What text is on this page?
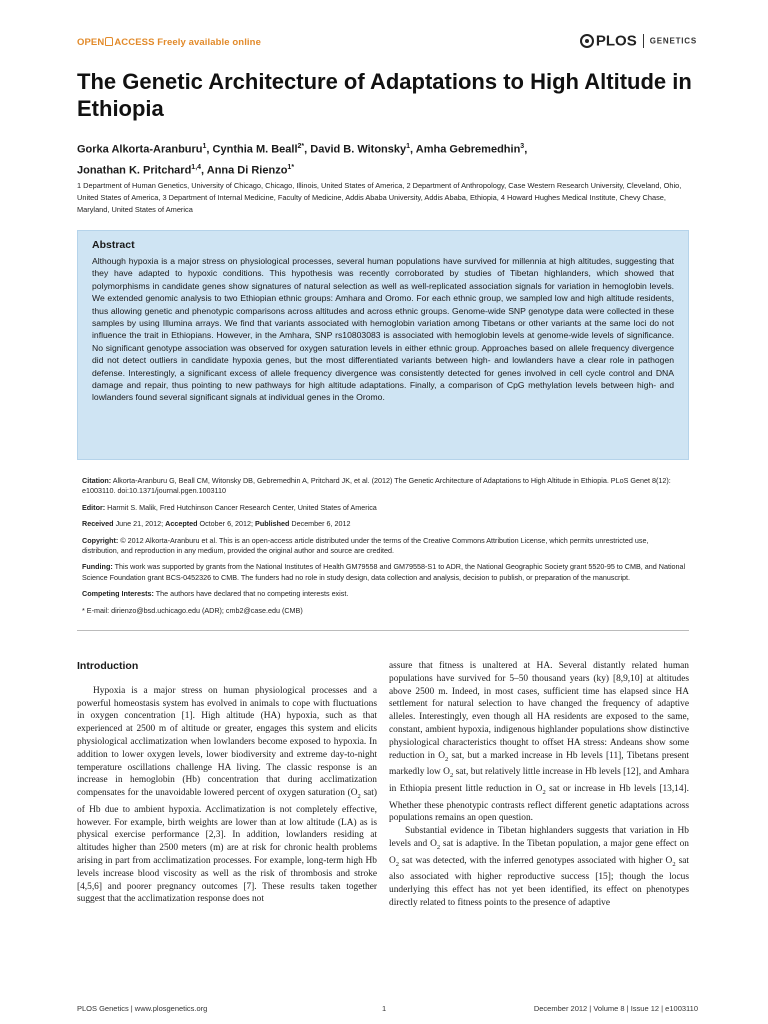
OPEN ACCESS Freely available online	PLOS GENETICS
The Genetic Architecture of Adaptations to High Altitude in Ethiopia
Gorka Alkorta-Aranburu$^1$, Cynthia M. Beall$^{2*}$, David B. Witonsky$^1$, Amha Gebremedhin$^3$,
Jonathan K. Pritchard$^{1,4}$, Anna Di Rienzo$^{1*}$
1 Department of Human Genetics, University of Chicago, Chicago, Illinois, United States of America, 2 Department of Anthropology, Case Western Research University, Cleveland, Ohio, United States of America, 3 Department of Internal Medicine, Faculty of Medicine, Addis Ababa University, Addis Ababa, Ethiopia, 4 Howard Hughes Medical Institute, Chevy Chase, Maryland, United States of America
Abstract

Although hypoxia is a major stress on physiological processes, several human populations have survived for millennia at high altitudes, suggesting that they have adapted to hypoxic conditions. This hypothesis was recently corroborated by studies of Tibetan highlanders, which showed that polymorphisms in candidate genes show signatures of natural selection as well as well-replicated association signals for variation in hemoglobin levels. We extended genomic analysis to two Ethiopian ethnic groups: Amhara and Oromo. For each ethnic group, we sampled low and high altitude residents, thus allowing genetic and phenotypic comparisons across altitudes and across ethnic groups. Genome-wide SNP genotype data were collected in these samples by using Illumina arrays. We find that variants associated with hemoglobin variation among Tibetans or other variants at the same loci do not influence the trait in Ethiopians. However, in the Amhara, SNP rs10803083 is associated with hemoglobin levels at genome-wide levels of significance. No significant genotype association was observed for oxygen saturation levels in either ethnic group. Approaches based on allele frequency divergence did not detect outliers in candidate hypoxia genes, but the most differentiated variants between high- and lowlanders have a clear role in pathogen defense. Interestingly, a significant excess of allele frequency divergence was consistently detected for genes involved in cell cycle control and DNA damage and repair, thus pointing to new pathways for high altitude adaptations. Finally, a comparison of CpG methylation levels between high- and lowlanders found several significant signals at individual genes in the Oromo.

Citation: Alkorta-Aranburu G, Beall CM, Witonsky DB, Gebremedhin A, Pritchard JK, et al. (2012) The Genetic Architecture of Adaptations to High Altitude in Ethiopia. PLoS Genet 8(12): e1003110. doi:10.1371/journal.pgen.1003110
Editor: Harmit S. Malik, Fred Hutchinson Cancer Research Center, United States of America
Received June 21, 2012; Accepted October 6, 2012; Published December 6, 2012
Copyright: © 2012 Alkorta-Aranburu et al. This is an open-access article distributed under the terms of the Creative Commons Attribution License, which permits unrestricted use, distribution, and reproduction in any medium, provided the original author and source are credited.
Funding: This work was supported by grants from the National Institutes of Health GM79558 and GM79558-S1 to ADR, the National Geographic Society grant 5520-95 to CMB, and National Science Foundation grant BCS-0452326 to CMB. The funders had no role in study design, data collection and analysis, decision to publish, or preparation of the manuscript.
Competing Interests: The authors have declared that no competing interests exist.
* E-mail: dirienzo@bsd.uchicago.edu (ADR); cmb2@case.edu (CMB)
Introduction

Hypoxia is a major stress on human physiological processes and a powerful homeostasis system has evolved in animals to cope with fluctuations in oxygen concentration [1]. High altitude (HA) hypoxia, such as that experienced at 2500 m of altitude or greater, engages this system and elicits physiological acclimatization when lowlanders become exposed to hypoxia. In addition to lower oxygen levels, lower biodiversity and extreme day-to-night temperature oscillations challenge HA living. The classic response is an increase in hemoglobin (Hb) concentration that during acclimatization compensates for the unavoidable lowered percent of oxygen saturation ($O_2$ sat) of Hb due to ambient hypoxia. Acclimatization is not completely effective, however. For example, birth weights are lower than at low altitude (LA) as is physical exercise performance [2,3]. In addition, lowlanders residing at altitudes higher than 2500 meters (m) are at risk for chronic health problems arising in part from acclimatization processes. For example, long-term high Hb levels increase blood viscosity as well as the risk of thrombosis and stroke [4,5,6] and poorer pregnancy outcomes [7]. These results taken together suggest that the acclimatization response does not

assure that fitness is unaltered at HA. Several distantly related human populations have survived for 5–50 thousand years (ky) [8,9,10] at altitudes above 2500 m. Indeed, in most cases, sufficient time has elapsed since HA settlement for natural selection to have changed the frequency of adaptive alleles. Interestingly, even though all HA residents are exposed to the same, constant, ambient hypoxia, indigenous highlander populations show distinctive physiological characteristics thought to offset HA stress: Andeans show some reduction in $O_2$ sat, but a marked increase in Hb levels [11], Tibetans present markedly low $O_2$ sat, but relatively little increase in Hb levels [12], and Amhara in Ethiopia present little reduction in $O_2$ sat or increase in Hb levels [13,14]. Whether these phenotypic contrasts reflect different genetic adaptations across populations remains an open question.

Substantial evidence in Tibetan highlanders suggests that variation in Hb levels and $O_2$ sat is adaptive. In the Tibetan population, a major gene effect on $O_2$ sat was detected, with the inferred genotypes associated with higher $O_2$ sat also associated with higher reproductive success [15]; though the locus underlying this effect has not yet been identified, its effect on phenotypes directly related to fitness points to the presence of adaptive

PLOS Genetics | www.plosgenetics.org	1	December 2012 | Volume 8 | Issue 12 | e1003110
